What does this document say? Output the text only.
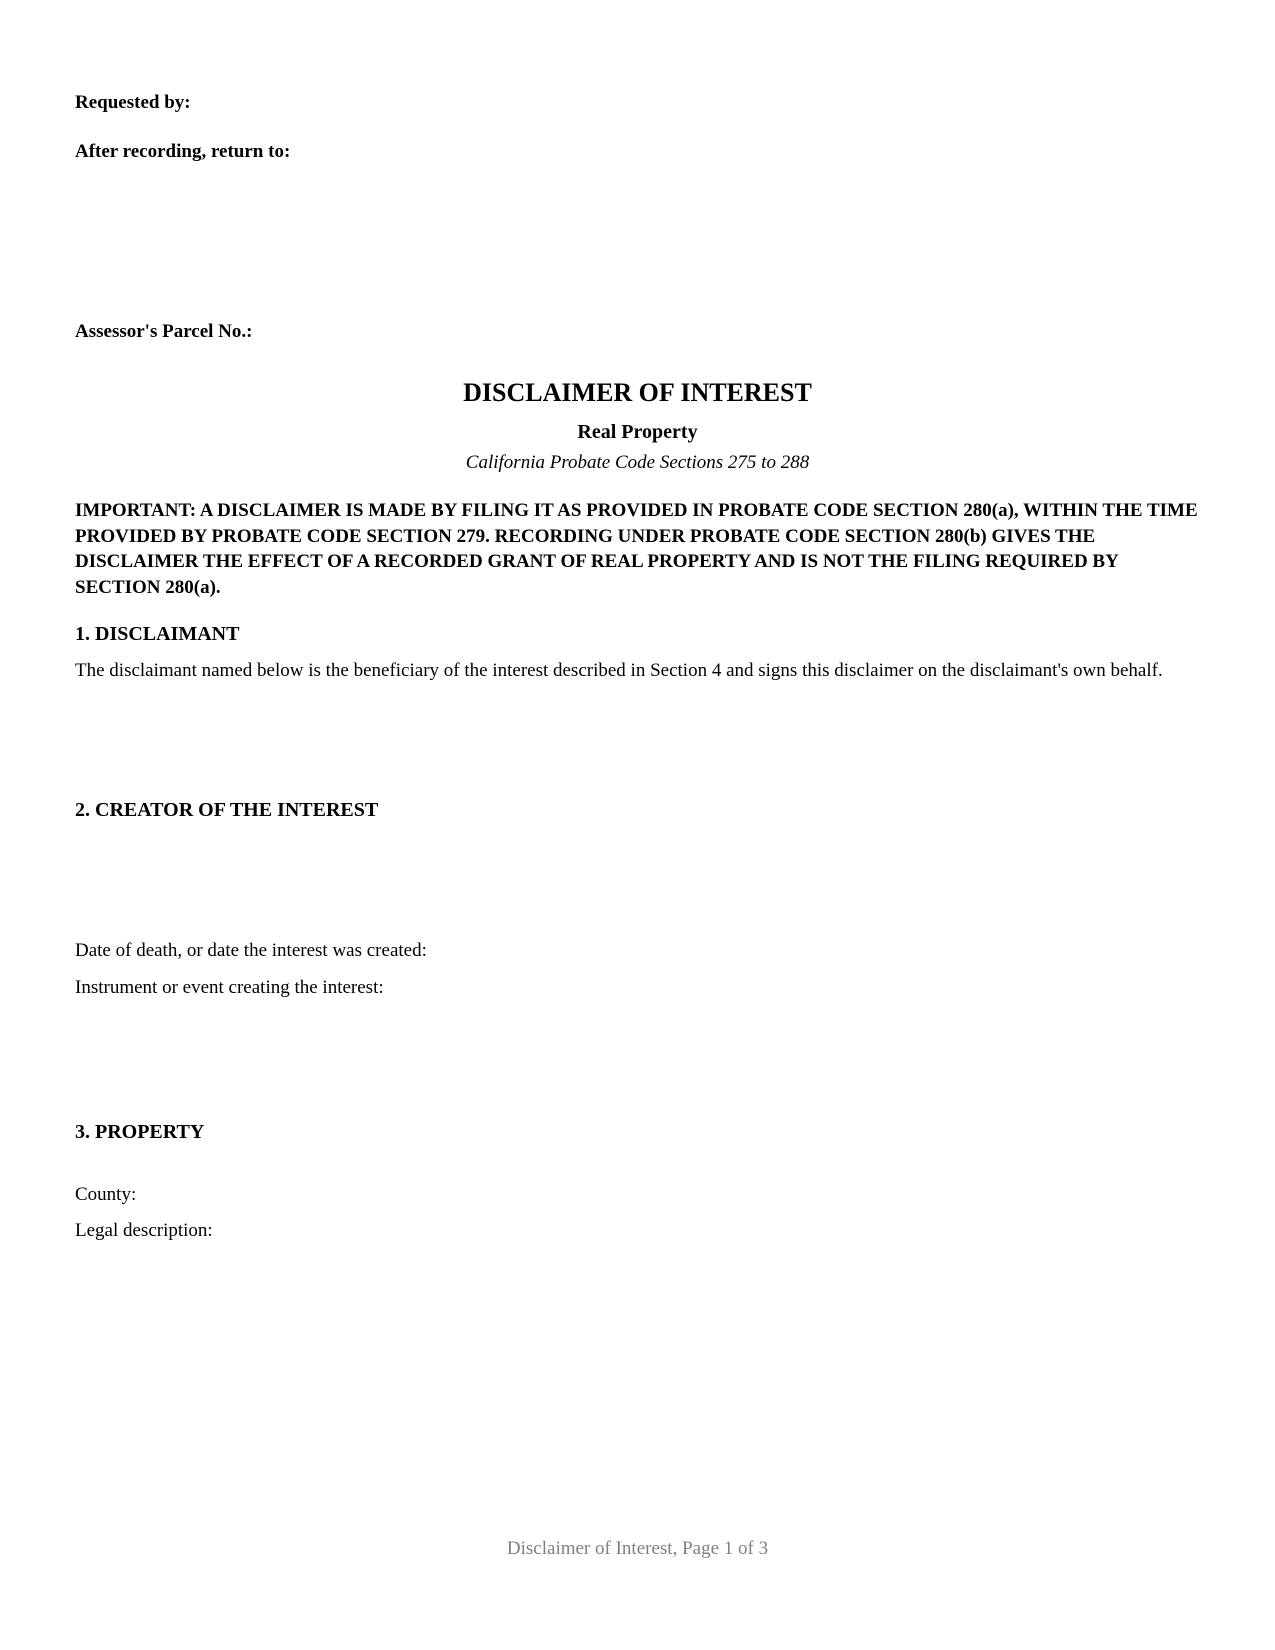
Requested by:
After recording, return to:
Assessor's Parcel No.:
DISCLAIMER OF INTEREST
Real Property
California Probate Code Sections 275 to 288
IMPORTANT: A DISCLAIMER IS MADE BY FILING IT AS PROVIDED IN PROBATE CODE SECTION 280(a), WITHIN THE TIME PROVIDED BY PROBATE CODE SECTION 279. RECORDING UNDER PROBATE CODE SECTION 280(b) GIVES THE DISCLAIMER THE EFFECT OF A RECORDED GRANT OF REAL PROPERTY AND IS NOT THE FILING REQUIRED BY SECTION 280(a).
1. DISCLAIMANT
The disclaimant named below is the beneficiary of the interest described in Section 4 and signs this disclaimer on the disclaimant's own behalf.
2. CREATOR OF THE INTEREST
Date of death, or date the interest was created:
Instrument or event creating the interest:
3. PROPERTY
County:
Legal description:
Disclaimer of Interest, Page 1 of 3
